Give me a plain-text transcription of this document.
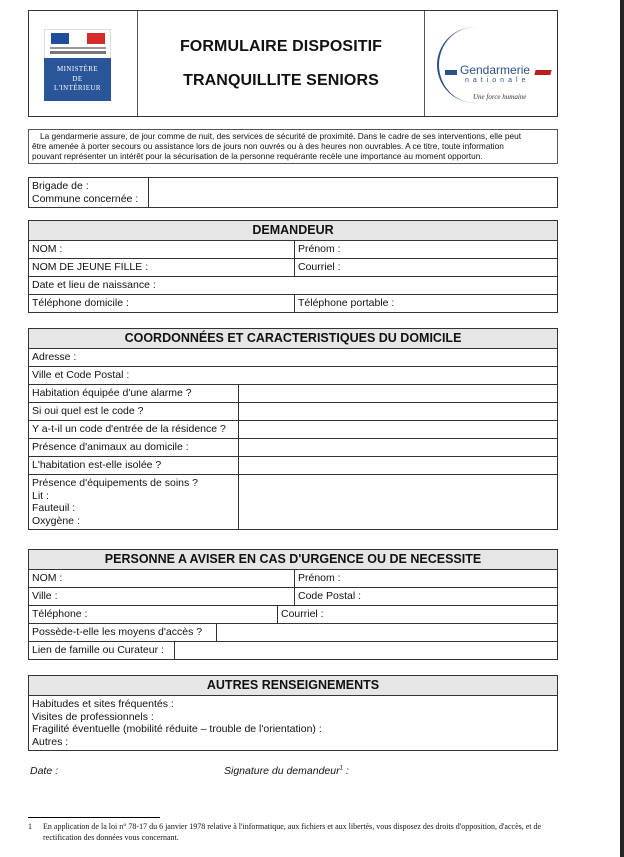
MINISTÈRE
DE
L'INTÉRIEUR
FORMULAIRE DISPOSITIF
TRANQUILLITE SENIORS
Gendarmerie
nationale
Une force humaine
La gendarmerie assure, de jour comme de nuit, des services de sécurité de proximité. Dans le cadre de ses interventions, elle peut
être amenée à porter secours ou assistance lors de jours non ouvrés ou à des heures non ouvrables. A ce titre, toute information
pouvant représenter un intérêt pour la sécurisation de la personne requérante recèle une importance au moment opportun.
Brigade de :
Commune concernée :
DEMANDEUR
NOM :	Prénom :
NOM DE JEUNE FILLE :	Courriel :
Date et lieu de naissance :
Téléphone domicile :	Téléphone portable :
COORDONNÉES ET CARACTERISTIQUES DU DOMICILE
Adresse :
Ville et Code Postal :
Habitation équipée d'une alarme ?
Si oui quel est le code ?
Y a-t-il un code d'entrée de la résidence ?
Présence d'animaux au domicile :
L'habitation est-elle isolée ?
Présence d'équipements de soins ?
Lit :
Fauteuil :
Oxygène :
PERSONNE A AVISER EN CAS D'URGENCE OU DE NECESSITE
NOM :	Prénom :
Ville :	Code Postal :
Téléphone :	Courriel :
Possède-t-elle les moyens d'accès ?
Lien de famille ou Curateur :
AUTRES RENSEIGNEMENTS
Habitudes et sites fréquentés :
Visites de professionnels :
Fragilité éventuelle (mobilité réduite – trouble de l'orientation) :
Autres :
Date :	Signature du demandeur$^1$ :
1	En application de la loi n° 78-17 du 6 janvier 1978 relative à l'informatique, aux fichiers et aux libertés, vous disposez des droits d'opposition, d'accès, et de rectification des données vous concernant.
